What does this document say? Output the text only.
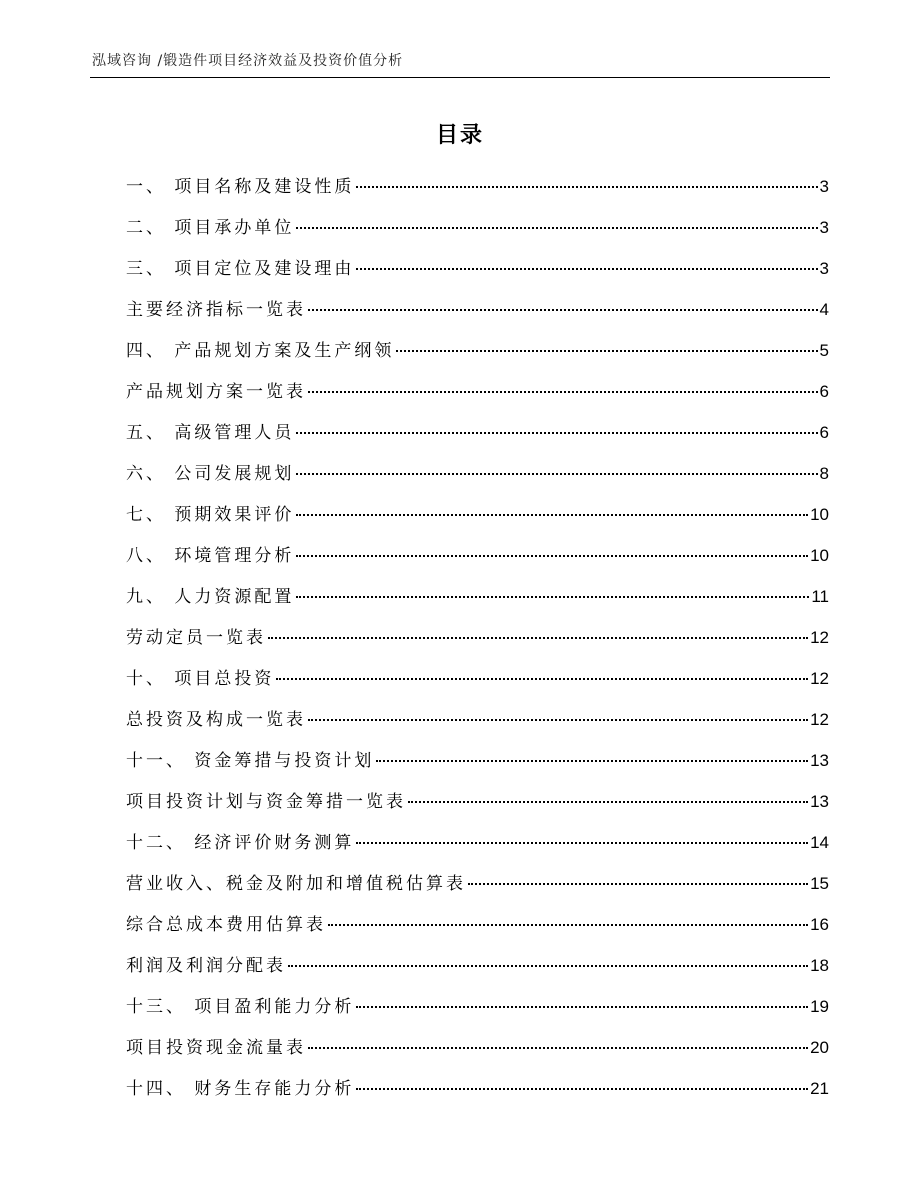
泓域咨询 /锻造件项目经济效益及投资价值分析
目录
一、 项目名称及建设性质	3
二、 项目承办单位	3
三、 项目定位及建设理由	3
主要经济指标一览表	4
四、 产品规划方案及生产纲领	5
产品规划方案一览表	6
五、 高级管理人员	6
六、 公司发展规划	8
七、 预期效果评价	10
八、 环境管理分析	10
九、 人力资源配置	11
劳动定员一览表	12
十、 项目总投资	12
总投资及构成一览表	12
十一、 资金筹措与投资计划	13
项目投资计划与资金筹措一览表	13
十二、 经济评价财务测算	14
营业收入、税金及附加和增值税估算表	15
综合总成本费用估算表	16
利润及利润分配表	18
十三、 项目盈利能力分析	19
项目投资现金流量表	20
十四、 财务生存能力分析	21
